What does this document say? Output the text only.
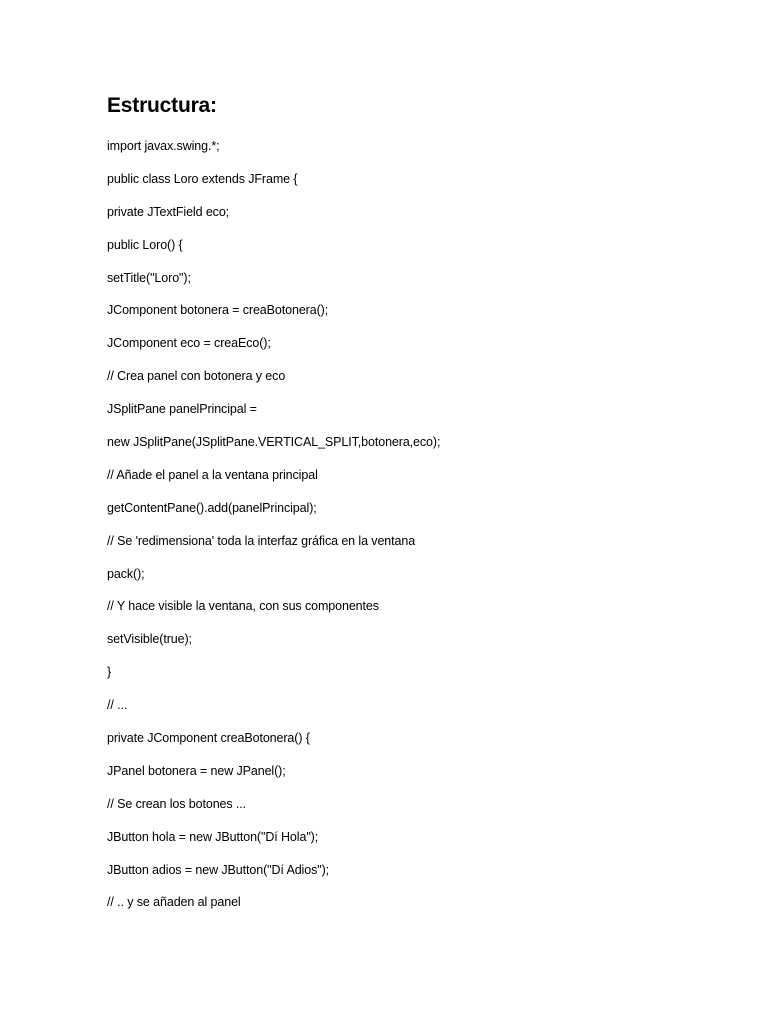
Estructura:
import javax.swing.*;
public class Loro extends JFrame {
private JTextField eco;
public Loro() {
setTitle("Loro");
JComponent botonera = creaBotonera();
JComponent eco = creaEco();
// Crea panel con botonera y eco
JSplitPane panelPrincipal =
new JSplitPane(JSplitPane.VERTICAL_SPLIT,botonera,eco);
// Añade el panel a la ventana principal
getContentPane().add(panelPrincipal);
// Se 'redimensiona' toda la interfaz gráfica en la ventana
pack();
// Y hace visible la ventana, con sus componentes
setVisible(true);
}
// ...
private JComponent creaBotonera() {
JPanel botonera = new JPanel();
// Se crean los botones ...
JButton hola = new JButton("Dí Hola");
JButton adios = new JButton("Dí Adios");
// .. y se añaden al panel
